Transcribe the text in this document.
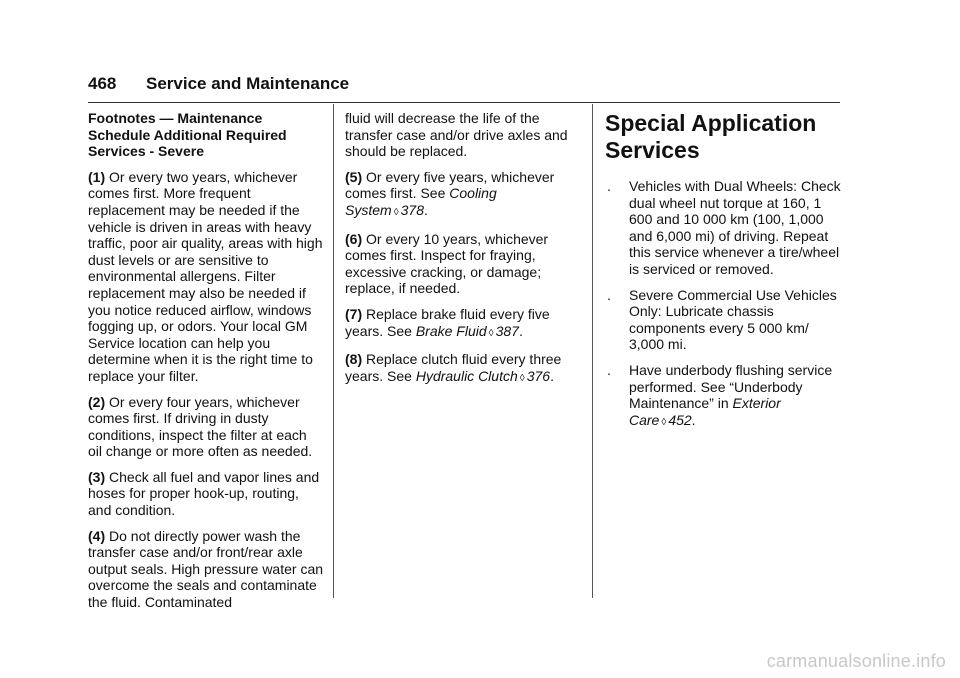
468 Service and Maintenance

Footnotes — Maintenance Schedule Additional Required Services - Severe

(1) Or every two years, whichever comes first. More frequent replacement may be needed if the vehicle is driven in areas with heavy traffic, poor air quality, areas with high dust levels or are sensitive to environmental allergens. Filter replacement may also be needed if you notice reduced airflow, windows fogging up, or odors. Your local GM Service location can help you determine when it is the right time to replace your filter.

(2) Or every four years, whichever comes first. If driving in dusty conditions, inspect the filter at each oil change or more often as needed.

(3) Check all fuel and vapor lines and hoses for proper hook-up, routing, and condition.

(4) Do not directly power wash the transfer case and/or front/rear axle output seals. High pressure water can overcome the seals and contaminate the fluid. Contaminated

fluid will decrease the life of the transfer case and/or drive axles and should be replaced.

(5) Or every five years, whichever comes first. See Cooling System ◊ 378.

(6) Or every 10 years, whichever comes first. Inspect for fraying, excessive cracking, or damage; replace, if needed.

(7) Replace brake fluid every five years. See Brake Fluid ◊ 387.

(8) Replace clutch fluid every three years. See Hydraulic Clutch ◊ 376.

Special Application Services
. Vehicles with Dual Wheels: Check dual wheel nut torque at 160, 1 600 and 10 000 km (100, 1,000 and 6,000 mi) of driving. Repeat this service whenever a tire/wheel is serviced or removed.
. Severe Commercial Use Vehicles Only: Lubricate chassis components every 5 000 km/ 3,000 mi.
. Have underbody flushing service performed. See “Underbody Maintenance” in Exterior Care ◊ 452.
carmanualsonline.info
